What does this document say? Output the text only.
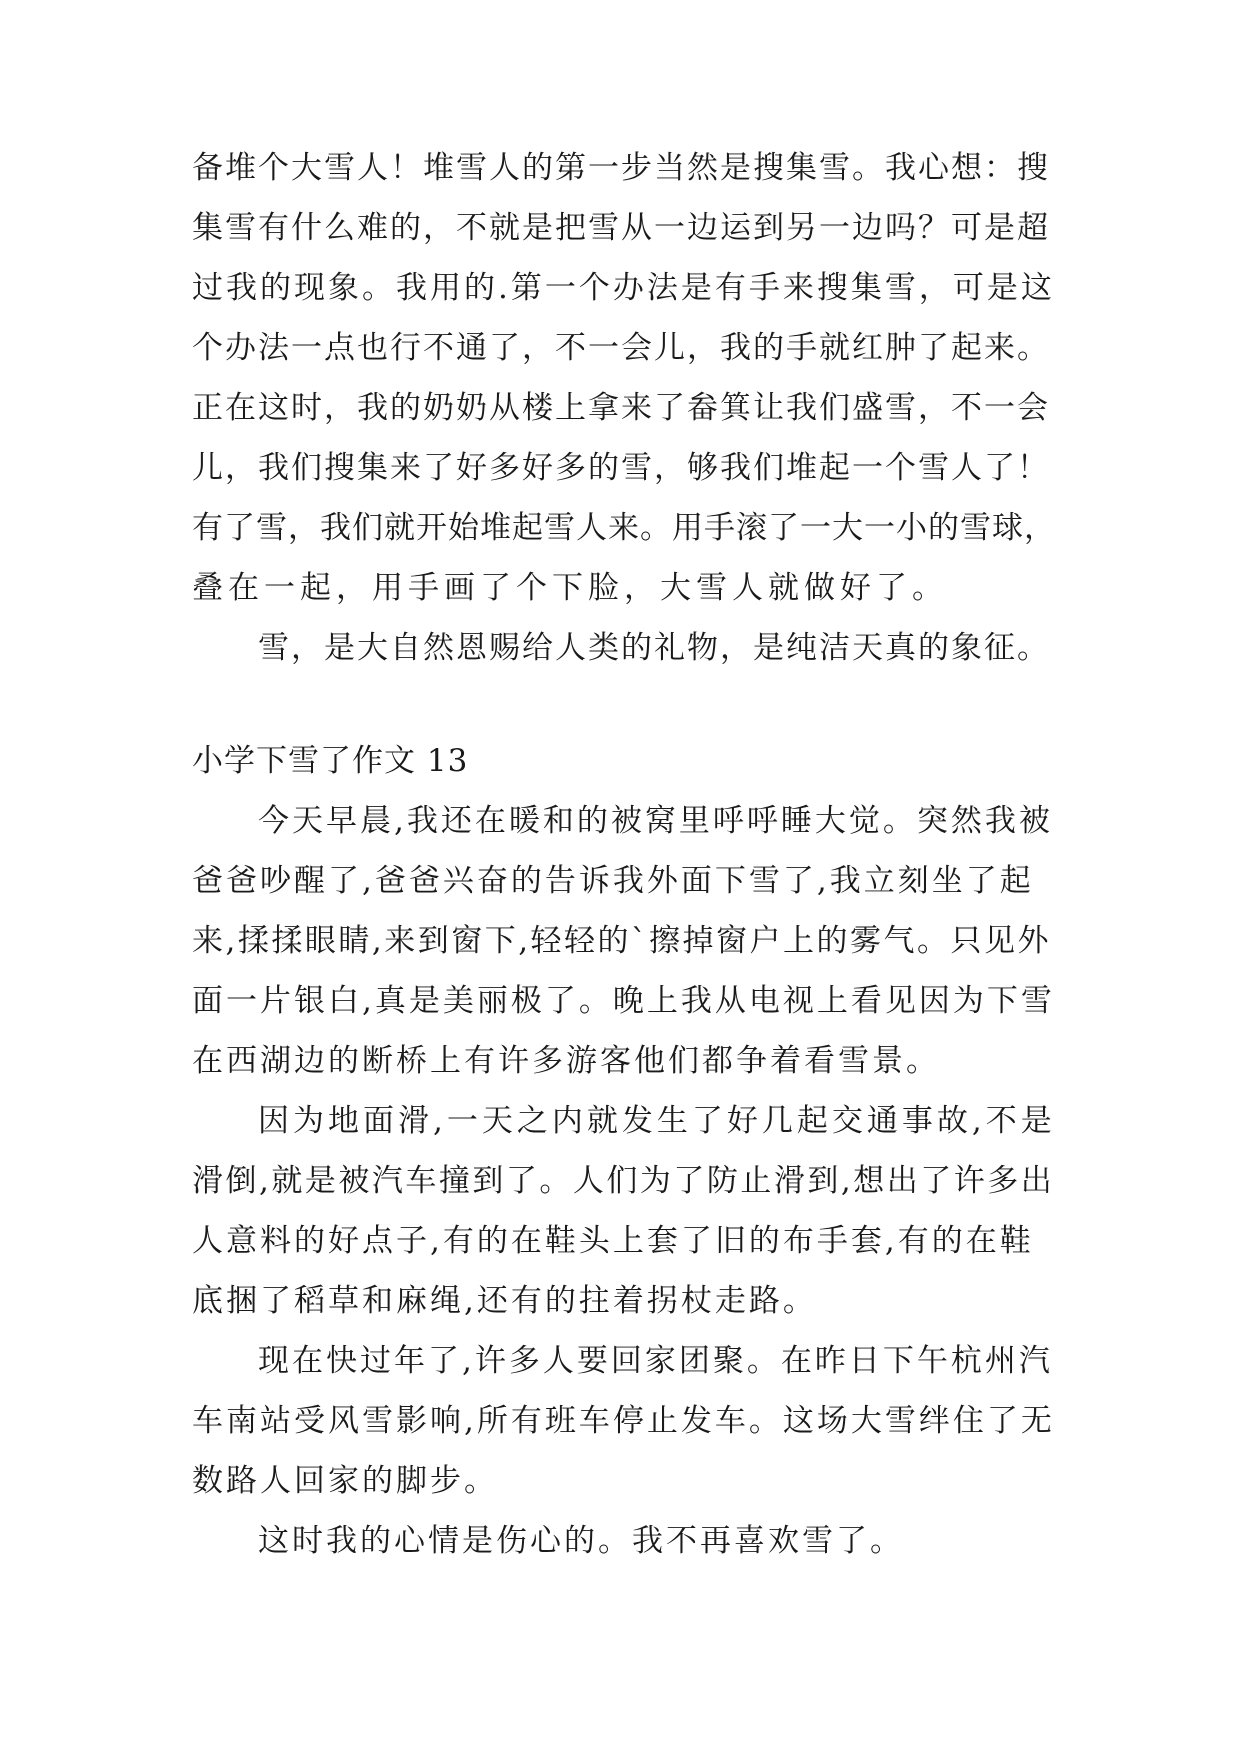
备堆个大雪人！堆雪人的第一步当然是搜集雪。我心想：搜
集雪有什么难的，不就是把雪从一边运到另一边吗？可是超
过我的现象。我用的.第一个办法是有手来搜集雪，可是这
个办法一点也行不通了，不一会儿，我的手就红肿了起来。
正在这时，我的奶奶从楼上拿来了畚箕让我们盛雪，不一会
儿，我们搜集来了好多好多的雪，够我们堆起一个雪人了！
有了雪，我们就开始堆起雪人来。用手滚了一大一小的雪球，
叠在一起，用手画了个下脸，大雪人就做好了。
雪，是大自然恩赐给人类的礼物，是纯洁天真的象征。
小学下雪了作文 13
今天早晨,我还在暖和的被窝里呼呼睡大觉。突然我被
爸爸吵醒了,爸爸兴奋的告诉我外面下雪了,我立刻坐了起
来,揉揉眼睛,来到窗下,轻轻的`擦掉窗户上的雾气。只见外
面一片银白,真是美丽极了。晚上我从电视上看见因为下雪
在西湖边的断桥上有许多游客他们都争着看雪景。
因为地面滑,一天之内就发生了好几起交通事故,不是
滑倒,就是被汽车撞到了。人们为了防止滑到,想出了许多出
人意料的好点子,有的在鞋头上套了旧的布手套,有的在鞋
底捆了稻草和麻绳,还有的拄着拐杖走路。
现在快过年了,许多人要回家团聚。在昨日下午杭州汽
车南站受风雪影响,所有班车停止发车。这场大雪绊住了无
数路人回家的脚步。
这时我的心情是伤心的。我不再喜欢雪了。
